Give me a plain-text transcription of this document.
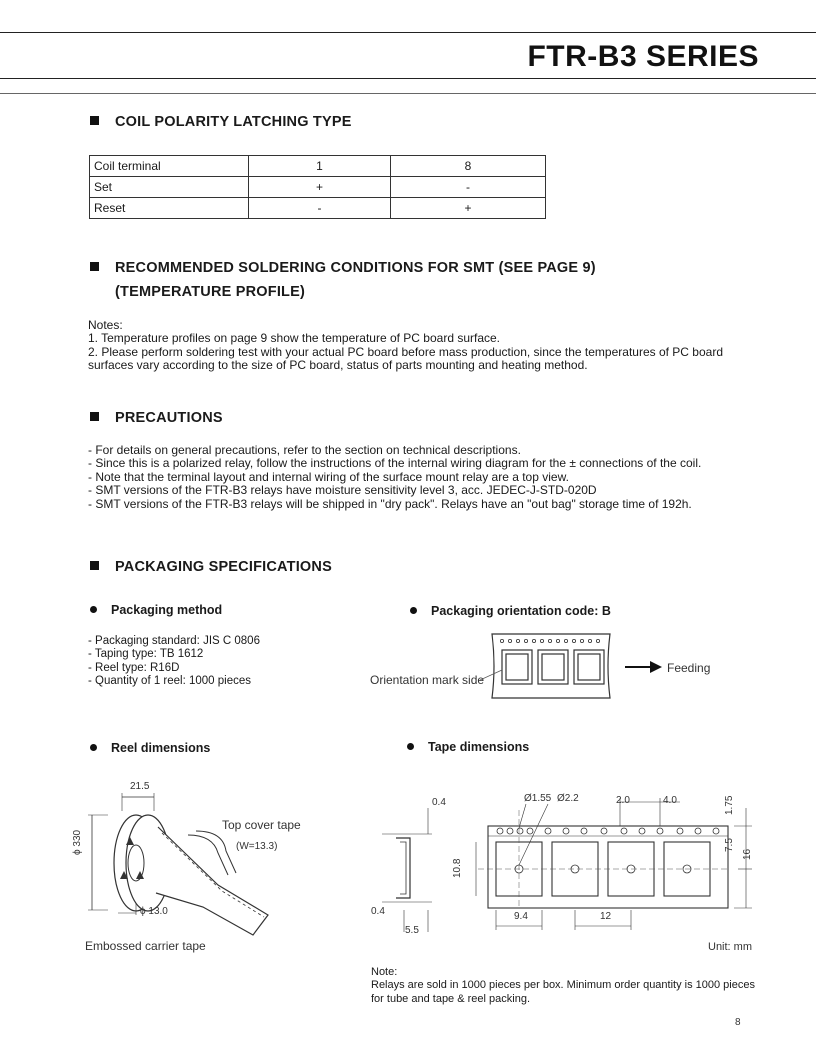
FTR-B3 SERIES
COIL POLARITY LATCHING TYPE
Coil terminal	1	8
Set	+	-
Reset	-	+
RECOMMENDED SOLDERING CONDITIONS FOR SMT (SEE PAGE 9)
(TEMPERATURE PROFILE)
Notes:
1. Temperature profiles on page 9 show the temperature of PC board surface.
2. Please perform soldering test with your actual PC board before mass production, since the temperatures of PC board
surfaces vary according to the size of PC board, status of parts mounting and heating method.
PRECAUTIONS
- For details on general precautions, refer to the section on technical descriptions.
- Since this is a polarized relay, follow the instructions of the internal wiring diagram for the ± connections of the coil.
- Note that the terminal layout and internal wiring of the surface mount relay are a top view.
- SMT versions of the FTR-B3 relays have moisture sensitivity level 3, acc. JEDEC-J-STD-020D
- SMT versions of the FTR-B3 relays will be shipped in "dry pack". Relays have an "out bag" storage time of 192h.
PACKAGING SPECIFICATIONS
Packaging method
- Packaging standard: JIS C 0806
- Taping type: TB 1612
- Reel type: R16D
- Quantity of 1 reel: 1000 pieces
Packaging orientation code: B
Orientation mark side
Feeding
Reel dimensions
21.5
ϕ 330
ϕ 13.0
Top cover tape
(W=13.3)
Embossed carrier tape
Tape dimensions
0.4	Ø1.55 Ø2.2	2.0	4.0	1.75
7.5
16
10.8
0.4
5.5
9.4	12
Unit: mm
Note:
Relays are sold in 1000 pieces per box. Minimum order quantity is 1000 pieces
for tube and tape & reel packing.
8
